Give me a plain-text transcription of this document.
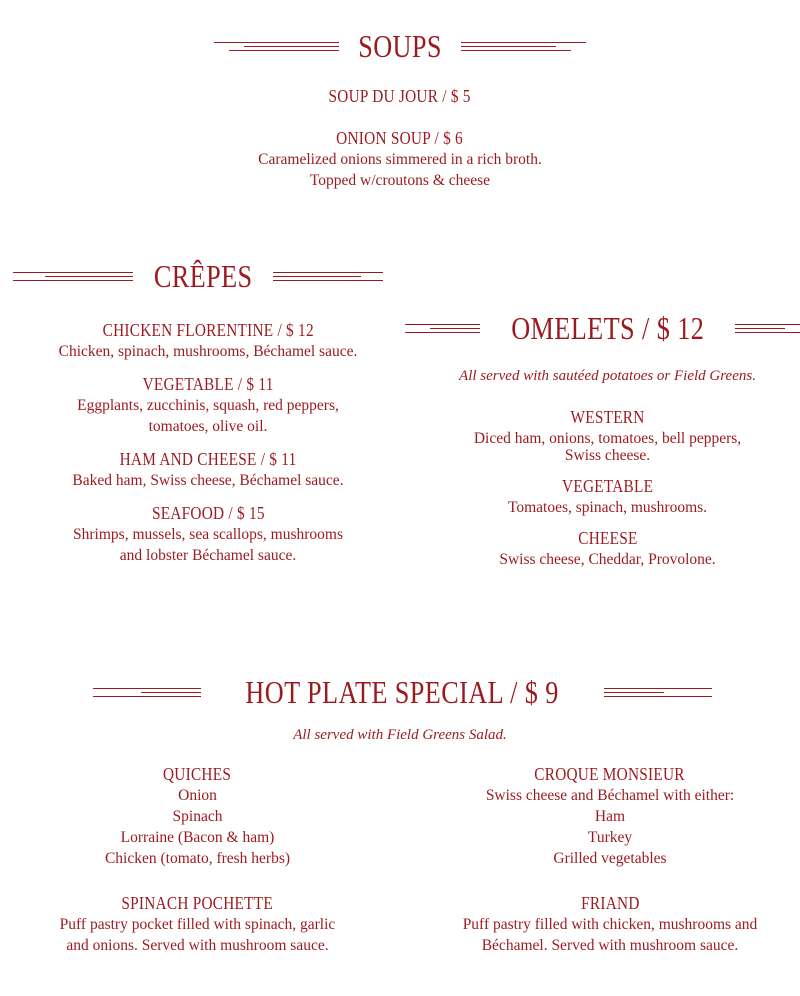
SOUPS
SOUP DU JOUR / $ 5
ONION SOUP / $ 6
Caramelized onions simmered in a rich broth.
Topped w/croutons & cheese
CRÊPES
CHICKEN FLORENTINE / $ 12
Chicken, spinach, mushrooms, Béchamel sauce.
VEGETABLE / $ 11
Eggplants, zucchinis, squash, red peppers,
tomatoes, olive oil.
HAM AND CHEESE / $ 11
Baked ham, Swiss cheese, Béchamel sauce.
SEAFOOD / $ 15
Shrimps, mussels, sea scallops, mushrooms
and lobster Béchamel sauce.
OMELETS / $ 12
All served with sautéed potatoes or Field Greens.
WESTERN
Diced ham, onions, tomatoes, bell peppers,
Swiss cheese.
VEGETABLE
Tomatoes, spinach, mushrooms.
CHEESE
Swiss cheese, Cheddar, Provolone.
HOT PLATE SPECIAL / $ 9
All served with Field Greens Salad.
QUICHES
Onion
Spinach
Lorraine (Bacon & ham)
Chicken (tomato, fresh herbs)
CROQUE MONSIEUR
Swiss cheese and Béchamel with either:
Ham
Turkey
Grilled vegetables
SPINACH POCHETTE
Puff pastry pocket filled with spinach, garlic
and onions. Served with mushroom sauce.
FRIAND
Puff pastry filled with chicken, mushrooms and
Béchamel. Served with mushroom sauce.
